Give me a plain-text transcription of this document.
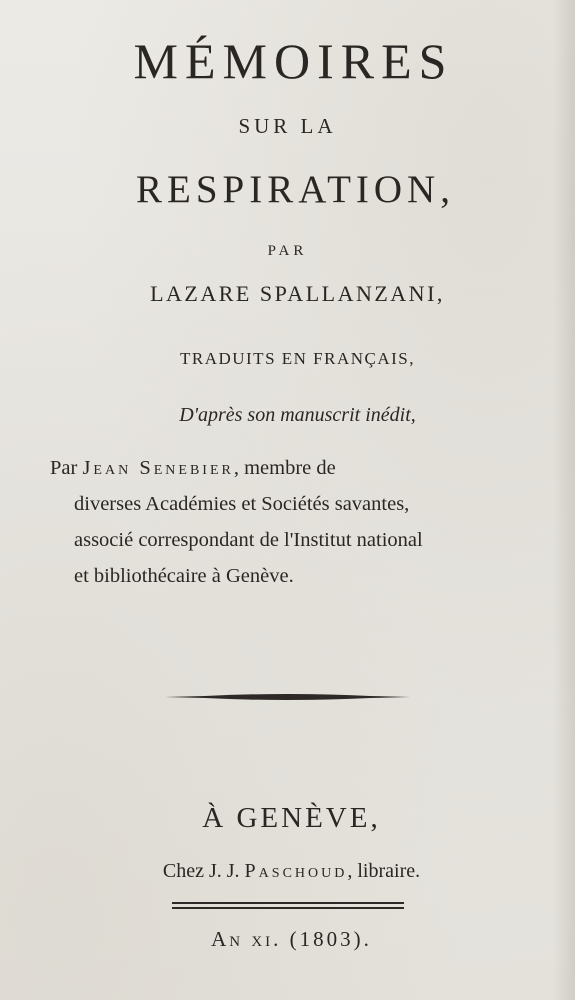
MÉMOIRES
SUR LA
RESPIRATION,
PAR
LAZARE SPALLANZANI,
TRADUITS EN FRANÇAIS,
D'après son manuscrit inédit,
Par Jean Senebier, membre de
diverses Académies et Sociétés savantes,
associé correspondant de l'Institut national
et bibliothécaire à Genève.
À GENÈVE,
Chez J. J. Paschoud, libraire.
An xi. (1803).
